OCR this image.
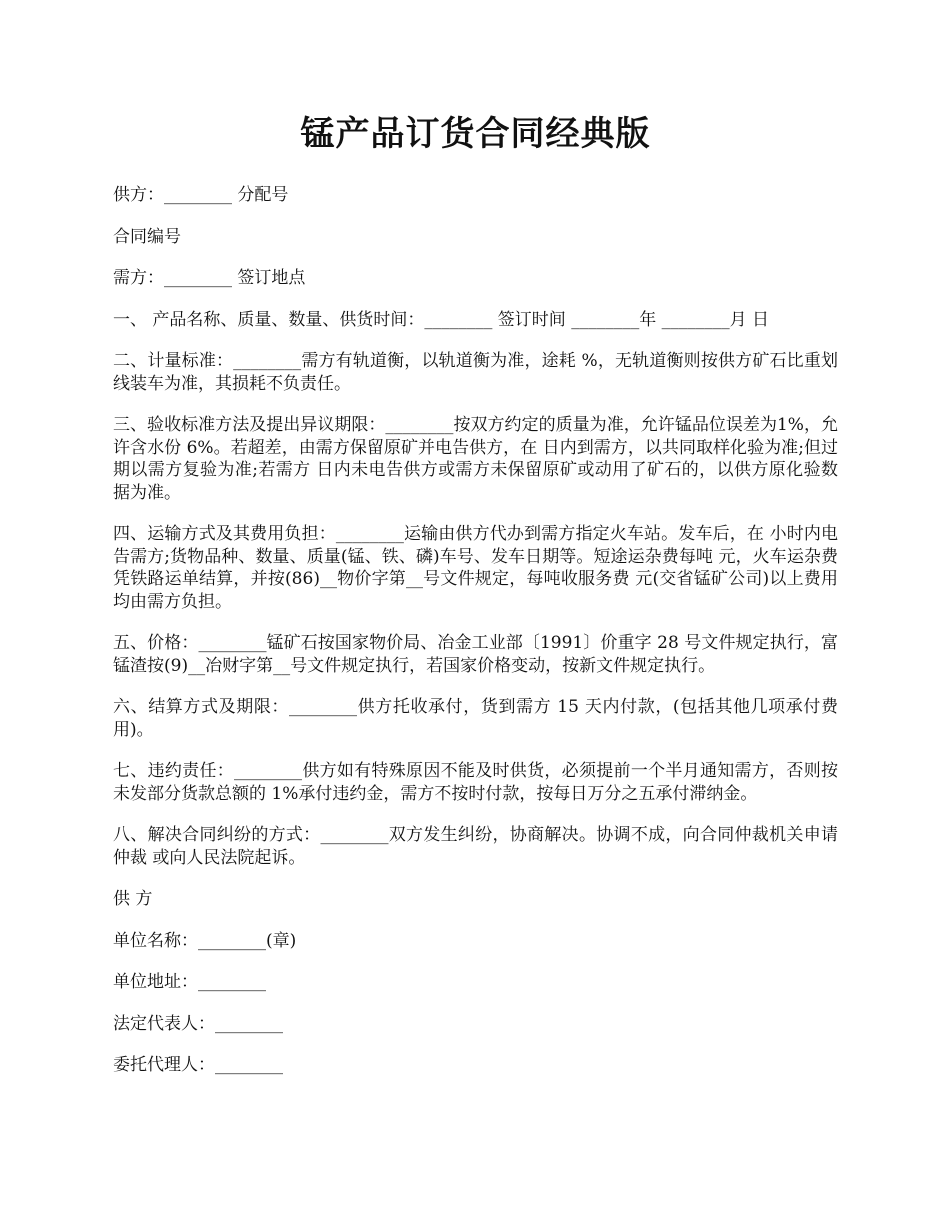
锰产品订货合同经典版

供方：________ 分配号

合同编号

需方：________ 签订地点

一、 产品名称、质量、数量、供货时间：________ 签订时间 ________年 ________月 日

二、计量标准：________需方有轨道衡，以轨道衡为准，途耗 %，无轨道衡则按供方矿石比重划线装车为准，其损耗不负责任。

三、验收标准方法及提出异议期限：________按双方约定的质量为准，允许锰品位误差为1%，允许含水份 6%。若超差，由需方保留原矿并电告供方，在 日内到需方，以共同取样化验为准;但过期以需方复验为准;若需方 日内未电告供方或需方未保留原矿或动用了矿石的，以供方原化验数据为准。

四、运输方式及其费用负担：________运输由供方代办到需方指定火车站。发车后，在 小时内电告需方;货物品种、数量、质量(锰、铁、磷)车号、发车日期等。短途运杂费每吨 元，火车运杂费凭铁路运单结算，并按(86)__物价字第__号文件规定，每吨收服务费 元(交省锰矿公司)以上费用均由需方负担。

五、价格：________锰矿石按国家物价局、冶金工业部〔1991〕价重字 28 号文件规定执行，富锰渣按(9)__冶财字第__号文件规定执行，若国家价格变动，按新文件规定执行。

六、结算方式及期限：________供方托收承付，货到需方 15 天内付款，(包括其他几项承付费用)。

七、违约责任：________供方如有特殊原因不能及时供货，必须提前一个半月通知需方，否则按未发部分货款总额的 1%承付违约金，需方不按时付款，按每日万分之五承付滞纳金。

八、解决合同纠纷的方式：________双方发生纠纷，协商解决。协调不成，向合同仲裁机关申请仲裁 或向人民法院起诉。

供 方

单位名称：________(章)

单位地址：________

法定代表人：________

委托代理人：________
